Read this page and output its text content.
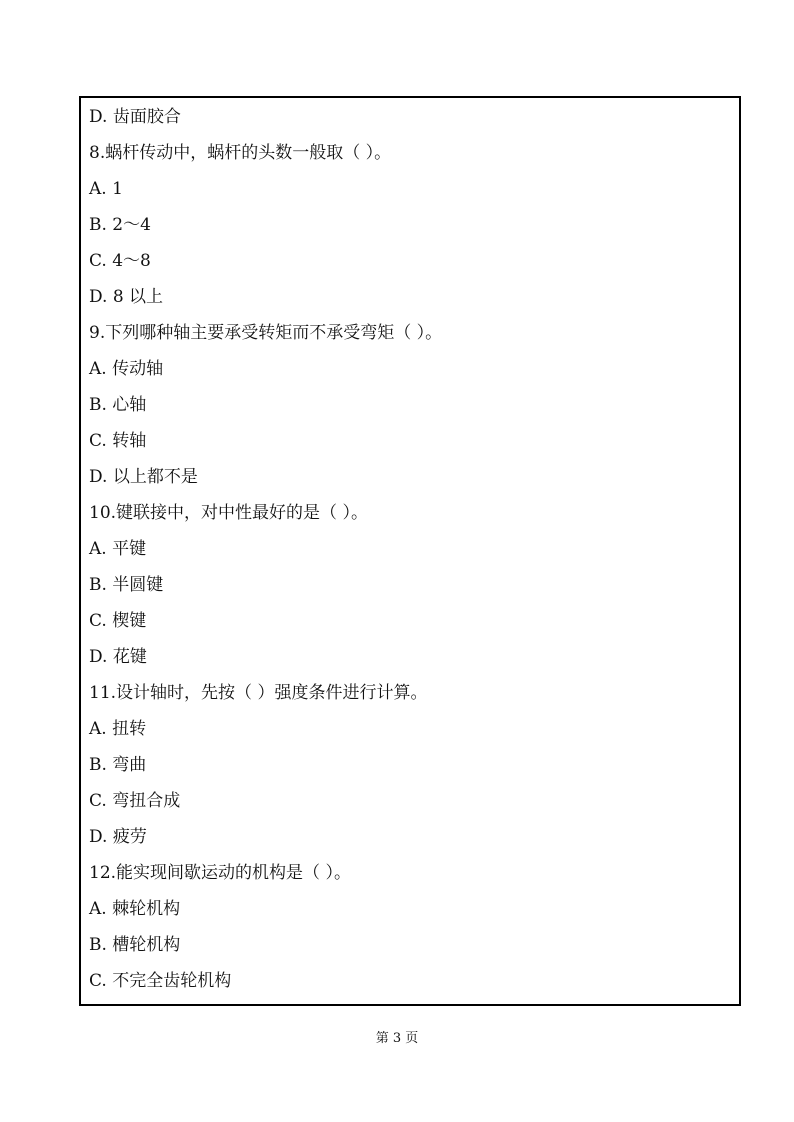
D. 齿面胶合
8.蜗杆传动中，蜗杆的头数一般取（ ）。
A. 1
B. 2～4
C. 4～8
D. 8 以上
9.下列哪种轴主要承受转矩而不承受弯矩（ ）。
A. 传动轴
B. 心轴
C. 转轴
D. 以上都不是
10.键联接中，对中性最好的是（ ）。
A. 平键
B. 半圆键
C. 楔键
D. 花键
11.设计轴时，先按（ ）强度条件进行计算。
A. 扭转
B. 弯曲
C. 弯扭合成
D. 疲劳
12.能实现间歇运动的机构是（ ）。
A. 棘轮机构
B. 槽轮机构
C. 不完全齿轮机构
第 3 页
